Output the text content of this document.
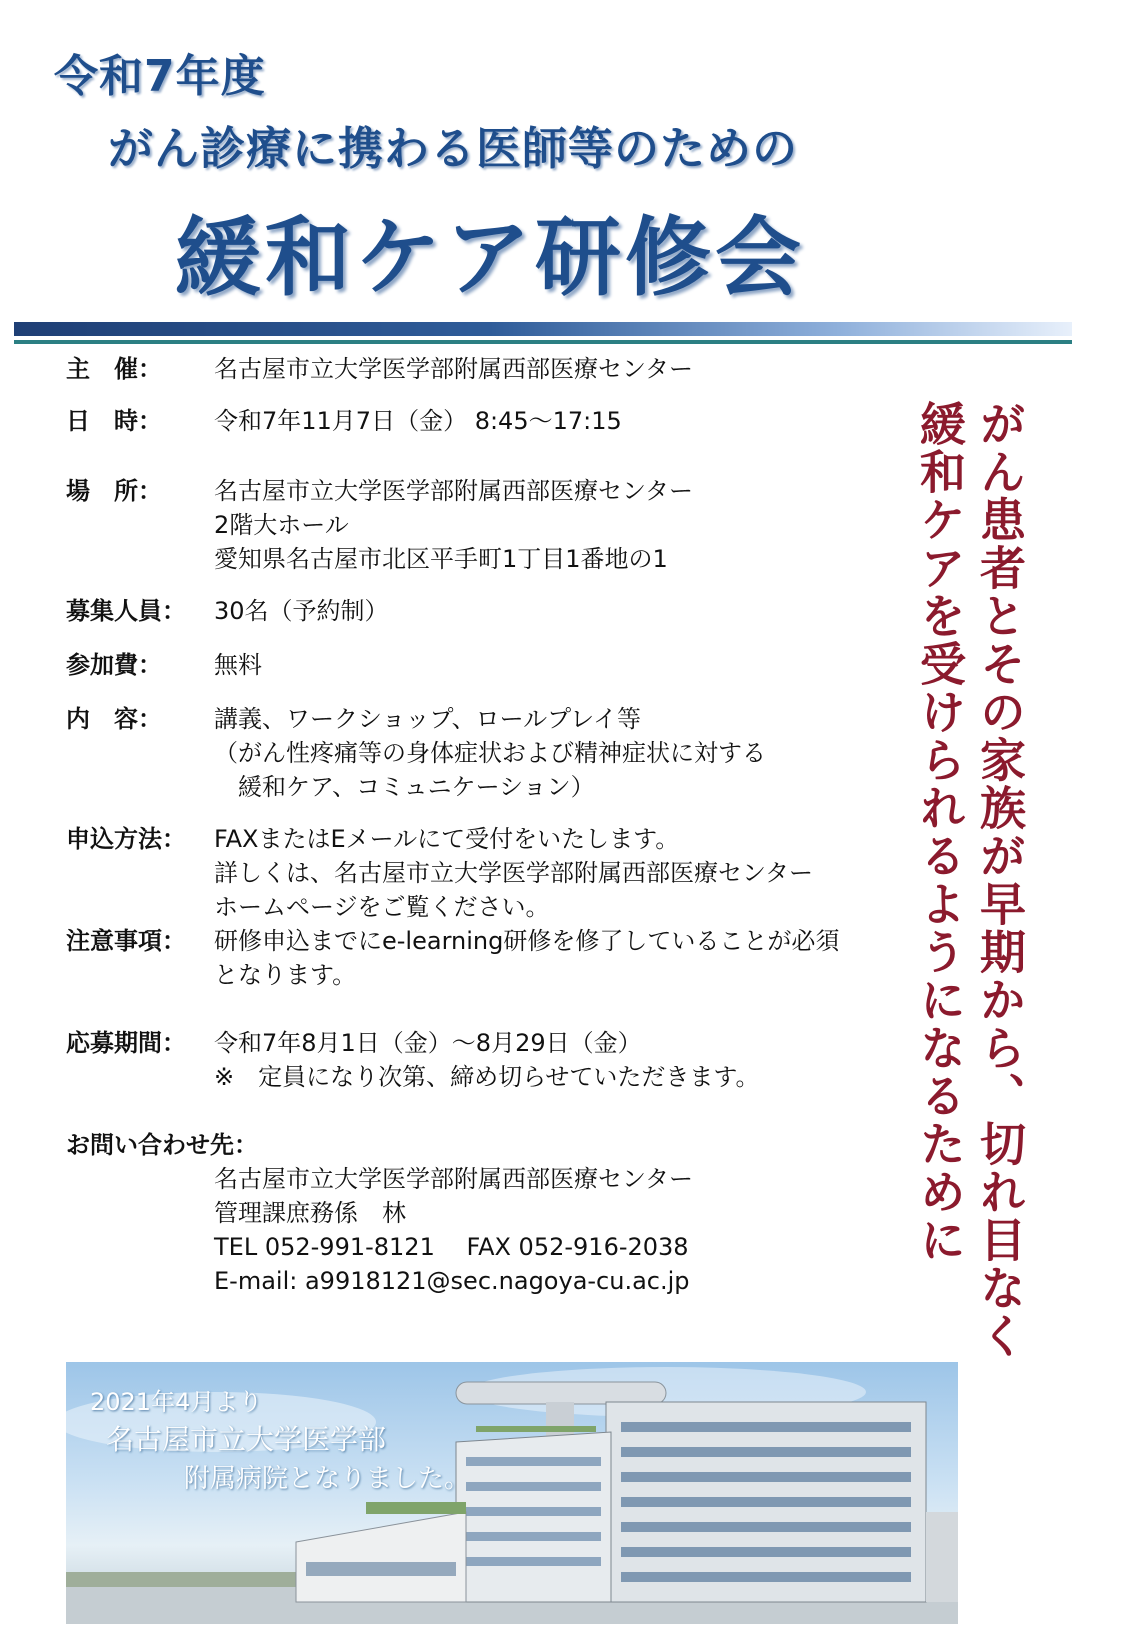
令和7年度
がん診療に携わる医師等のための
緩和ケア研修会
主　催： 名古屋市立大学医学部附属西部医療センター
日　時： 令和7年11月7日（金） 8:45～17:15
場　所： 名古屋市立大学医学部附属西部医療センター
2階大ホール
愛知県名古屋市北区平手町1丁目1番地の1
募集人員： 30名（予約制）
参加費： 無料
内　容： 講義、ワークショップ、ロールプレイ等
（がん性疼痛等の身体症状および精神症状に対する
　緩和ケア、コミュニケーション）
申込方法： FAXまたはEメールにて受付をいたします。
詳しくは、名古屋市立大学医学部附属西部医療センター
ホームページをご覧ください。
注意事項： 研修申込までにe-learning研修を修了していることが必須
となります。
応募期間： 令和7年8月1日（金）～8月29日（金）
※　定員になり次第、締め切らせていただきます。
お問い合わせ先：
名古屋市立大学医学部附属西部医療センター
管理課庶務係　林
TEL 052-991-8121　 FAX 052-916-2038
E-mail: a9918121@sec.nagoya-cu.ac.jp	がん患者とその家族が早期から、切れ目なく
緩和ケアを受けられるようになるために
2021年4月より
名古屋市立大学医学部
附属病院となりました。
